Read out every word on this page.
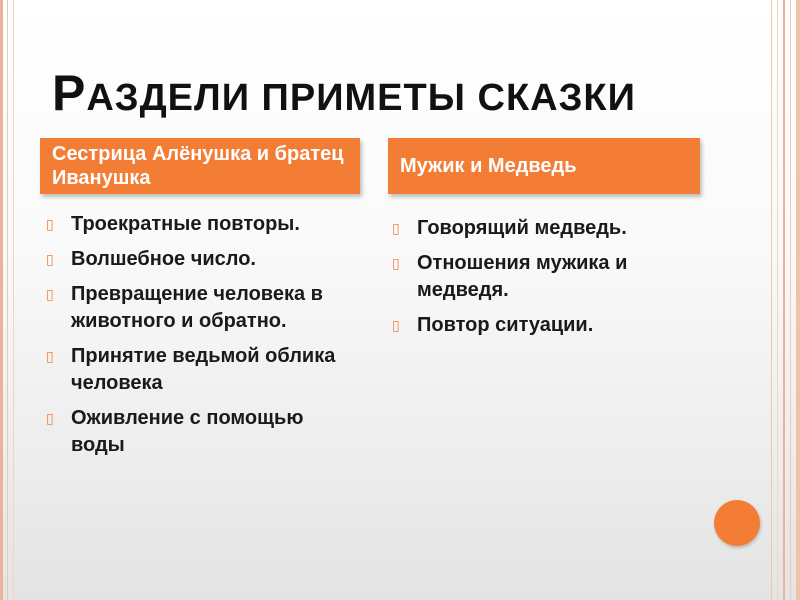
РАЗДЕЛИ ПРИМЕТЫ СКАЗКИ
Сестрица Алёнушка и братец Иванушка
Мужик и Медведь
▯ Троекратные повторы.
▯ Волшебное число.
▯ Превращение человека в животного и обратно.
▯ Принятие ведьмой облика человека
▯ Оживление с помощью воды
▯ Говорящий медведь.
▯ Отношения мужика и медведя.
▯ Повтор ситуации.
